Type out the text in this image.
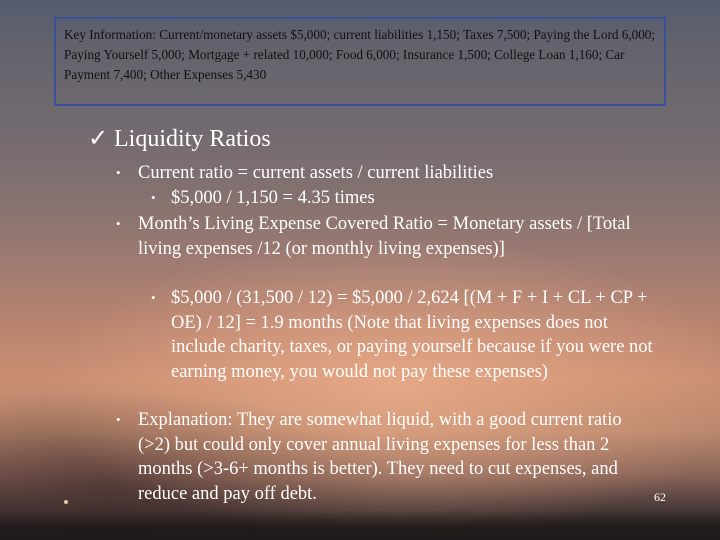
Key Information: Current/monetary assets $5,000; current liabilities 1,150; Taxes 7,500; Paying the Lord 6,000; Paying Yourself 5,000; Mortgage + related 10,000; Food 6,000; Insurance 1,500; College Loan 1,160; Car Payment 7,400; Other Expenses 5,430
✓ Liquidity Ratios
• Current ratio = current assets / current liabilities
• $5,000 / 1,150 = 4.35 times
• Month’s Living Expense Covered Ratio = Monetary assets / [Total living expenses /12 (or monthly living expenses)]
• $5,000 / (31,500 / 12) = $5,000 / 2,624 [(M + F + I + CL + CP + OE) / 12] = 1.9 months (Note that living expenses does not include charity, taxes, or paying yourself because if you were not earning money, you would not pay these expenses)
• Explanation: They are somewhat liquid, with a good current ratio (>2) but could only cover annual living expenses for less than 2 months (>3-6+ months is better). They need to cut expenses, and reduce and pay off debt.	62
